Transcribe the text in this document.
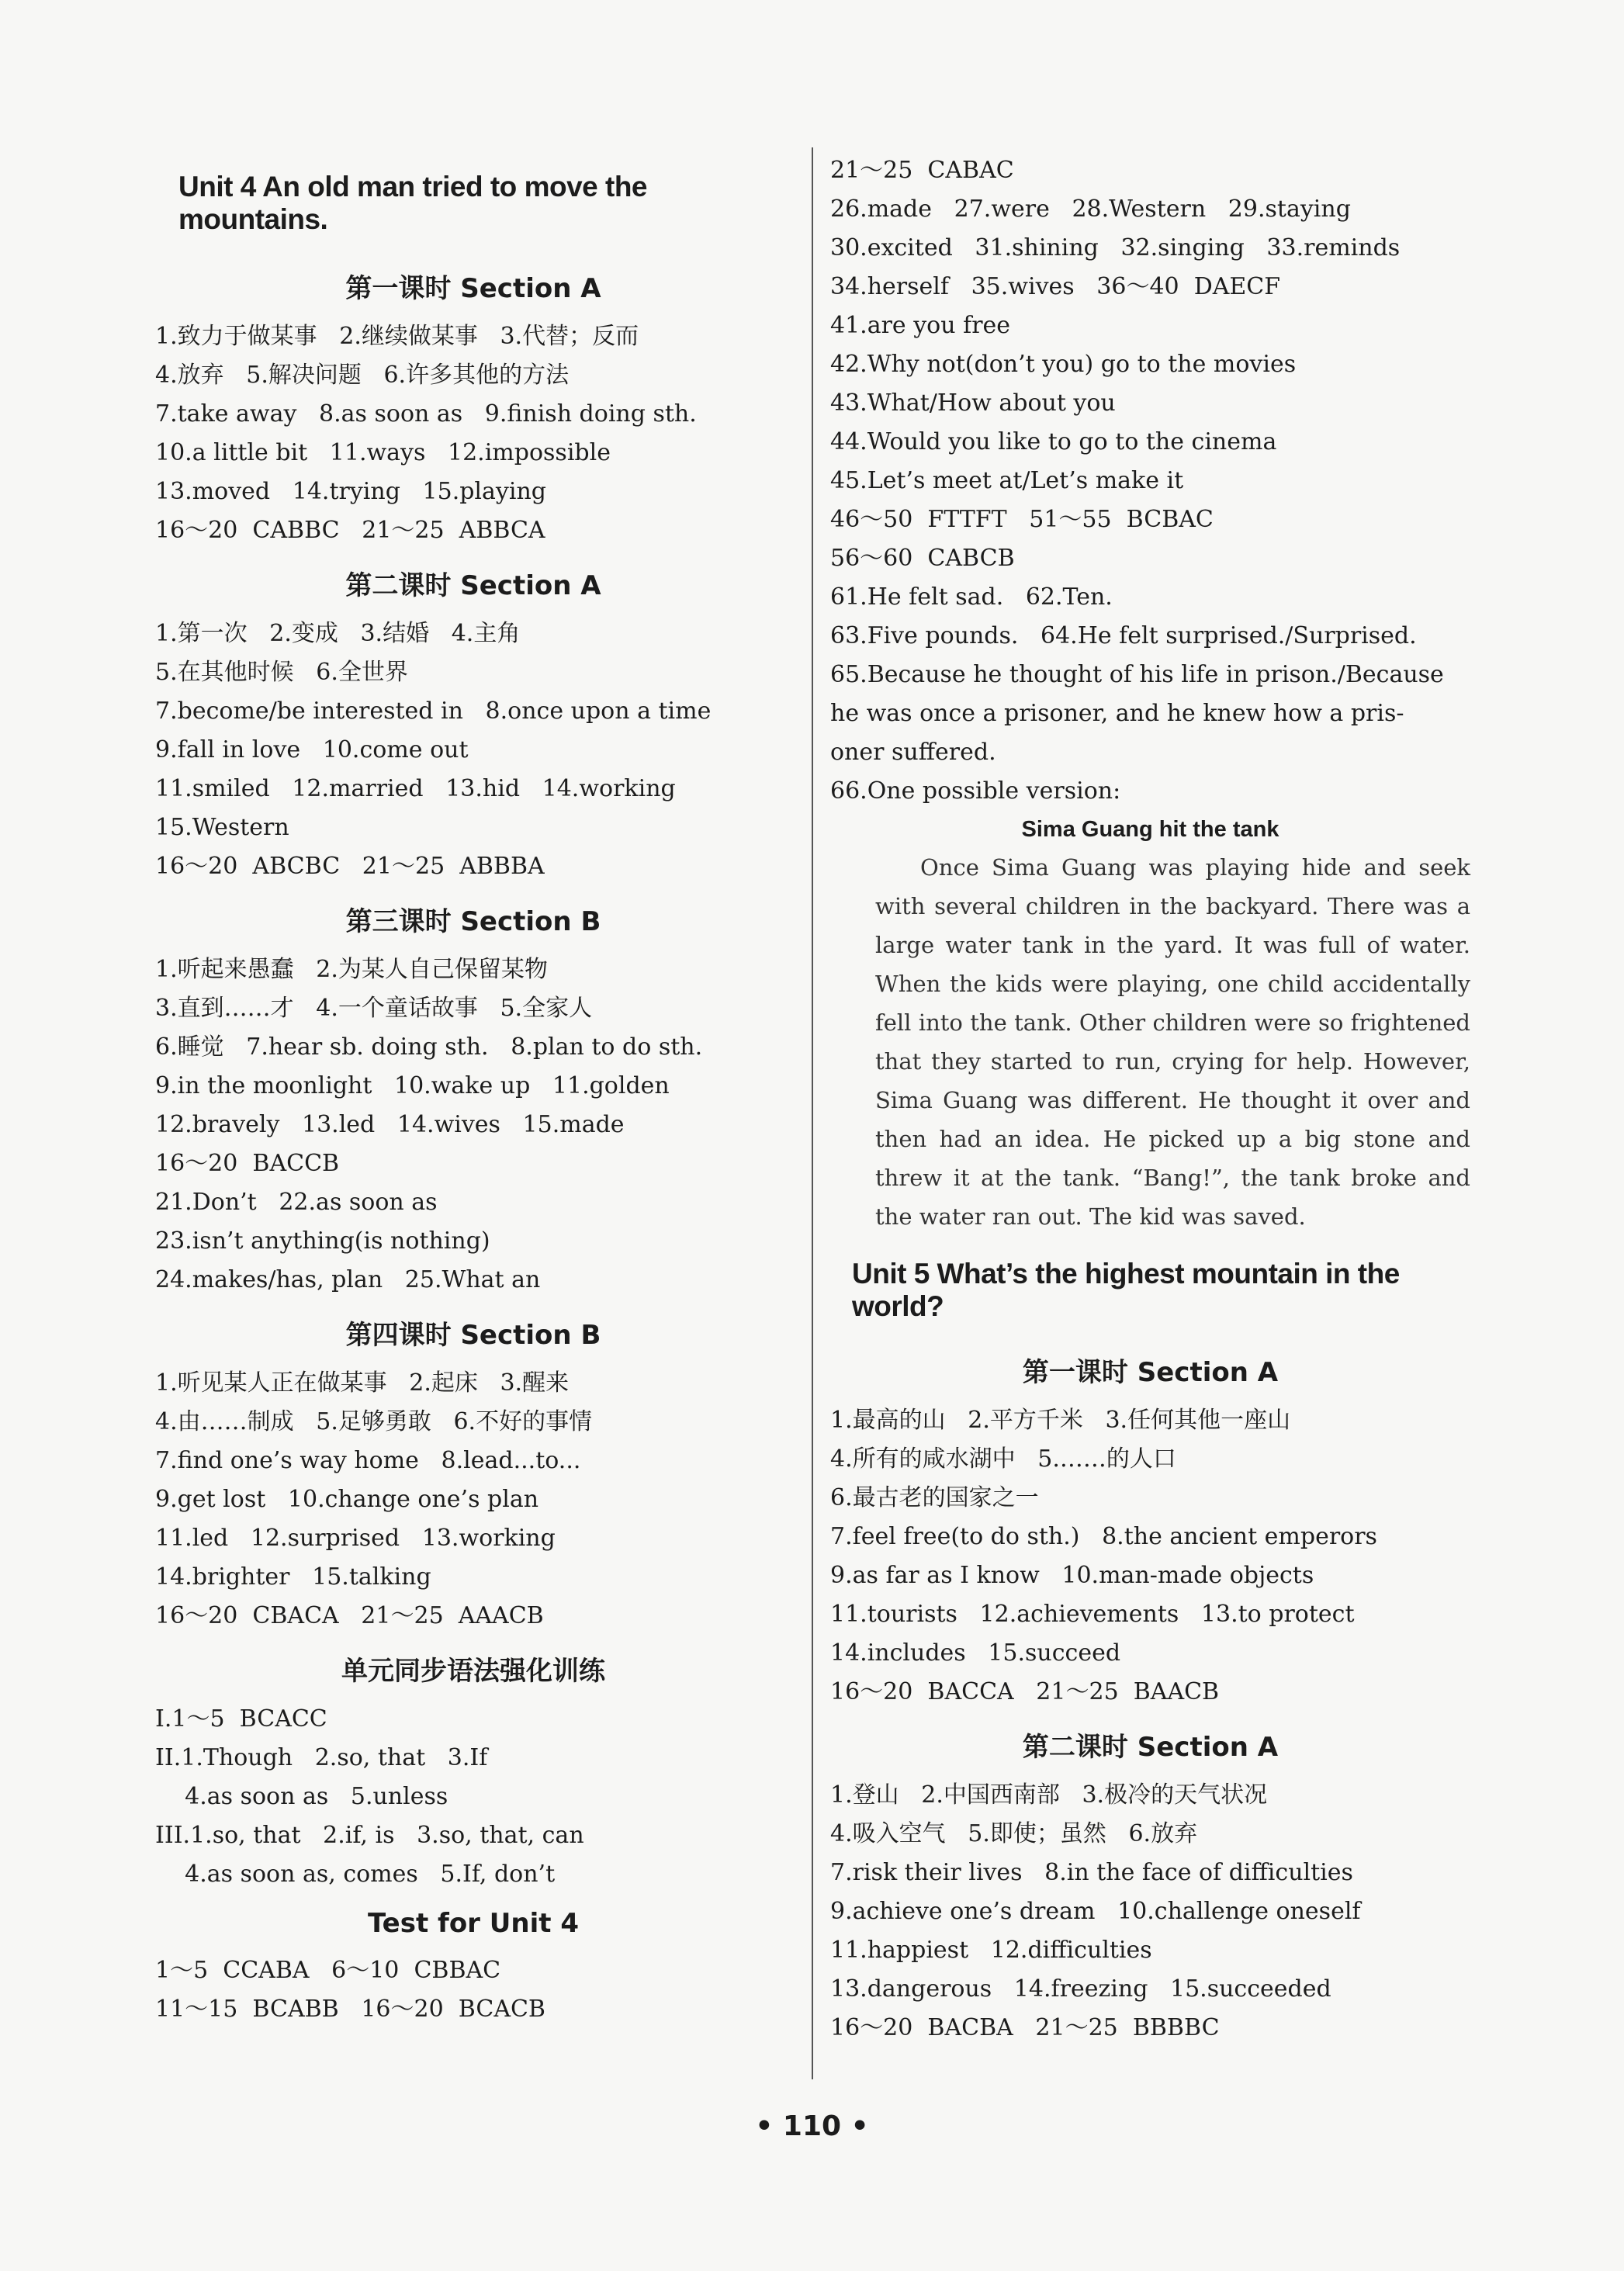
Unit 4 An old man tried to move the mountains.
第一课时 Section A
1.致力于做某事   2.继续做某事   3.代替；反而
4.放弃   5.解决问题   6.许多其他的方法
7.take away   8.as soon as   9.finish doing sth.
10.a little bit   11.ways   12.impossible
13.moved   14.trying   15.playing
16～20  CABBC   21～25  ABBCA
第二课时 Section A
1.第一次   2.变成   3.结婚   4.主角
5.在其他时候   6.全世界
7.become/be interested in   8.once upon a time
9.fall in love   10.come out
11.smiled   12.married   13.hid   14.working
15.Western
16～20  ABCBC   21～25  ABBBA
第三课时 Section B
1.听起来愚蠢   2.为某人自己保留某物
3.直到……才   4.一个童话故事   5.全家人
6.睡觉   7.hear sb. doing sth.   8.plan to do sth.
9.in the moonlight   10.wake up   11.golden
12.bravely   13.led   14.wives   15.made
16～20  BACCB
21.Don’t   22.as soon as
23.isn’t anything(is nothing)
24.makes/has, plan   25.What an
第四课时 Section B
1.听见某人正在做某事   2.起床   3.醒来
4.由……制成   5.足够勇敢   6.不好的事情
7.find one’s way home   8.lead...to...
9.get lost   10.change one’s plan
11.led   12.surprised   13.working
14.brighter   15.talking
16～20  CBACA   21～25  AAACB
单元同步语法强化训练
I.1～5  BCACC
II.1.Though   2.so, that   3.If
4.as soon as   5.unless
III.1.so, that   2.if, is   3.so, that, can
4.as soon as, comes   5.If, don’t
Test for Unit 4
1～5  CCABA   6～10  CBBAC
11～15  BCABB   16～20  BCACB
21～25  CABAC
26.made   27.were   28.Western   29.staying
30.excited   31.shining   32.singing   33.reminds
34.herself   35.wives   36～40  DAECF
41.are you free
42.Why not(don’t you) go to the movies
43.What/How about you
44.Would you like to go to the cinema
45.Let’s meet at/Let’s make it
46～50  FTTFT   51～55  BCBAC
56～60  CABCB
61.He felt sad.   62.Ten.
63.Five pounds.   64.He felt surprised./Surprised.
65.Because he thought of his life in prison./Because
he was once a prisoner, and he knew how a pris-
oner suffered.
66.One possible version:
Sima Guang hit the tank

Once Sima Guang was playing hide and seek with several children in the backyard. There was a large water tank in the yard. It was full of water. When the kids were playing, one child accidentally fell into the tank. Other children were so frightened that they started to run, crying for help. However, Sima Guang was different. He thought it over and then had an idea. He picked up a big stone and threw it at the tank. “Bang!”, the tank broke and the water ran out. The kid was saved.

Unit 5 What’s the highest mountain in the world?
第一课时 Section A
1.最高的山   2.平方千米   3.任何其他一座山
4.所有的咸水湖中   5.……的人口
6.最古老的国家之一
7.feel free(to do sth.)   8.the ancient emperors
9.as far as I know   10.man-made objects
11.tourists   12.achievements   13.to protect
14.includes   15.succeed
16～20  BACCA   21～25  BAACB
第二课时 Section A
1.登山   2.中国西南部   3.极冷的天气状况
4.吸入空气   5.即使；虽然   6.放弃
7.risk their lives   8.in the face of difficulties
9.achieve one’s dream   10.challenge oneself
11.happiest   12.difficulties
13.dangerous   14.freezing   15.succeeded
16～20  BACBA   21～25  BBBBC
• 110 •
